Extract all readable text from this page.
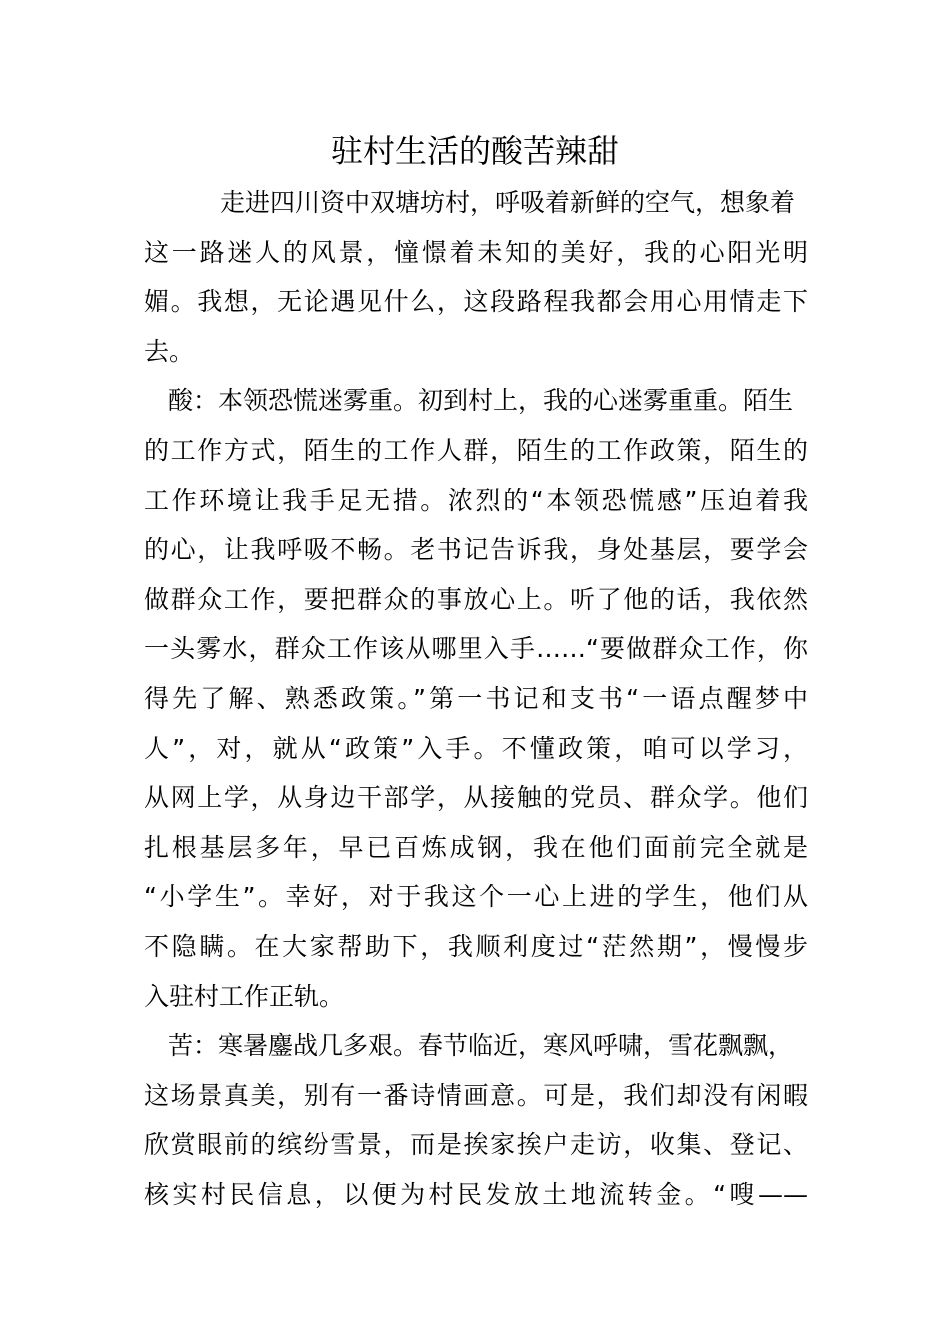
驻村生活的酸苦辣甜
走进四川资中双塘坊村，呼吸着新鲜的空气，想象着
这一路迷人的风景，憧憬着未知的美好，我的心阳光明
媚。我想，无论遇见什么，这段路程我都会用心用情走下
去。
酸：本领恐慌迷雾重。初到村上，我的心迷雾重重。陌生
的工作方式，陌生的工作人群，陌生的工作政策，陌生的
工作环境让我手足无措。浓烈的“本领恐慌感”压迫着我
的心，让我呼吸不畅。老书记告诉我，身处基层，要学会
做群众工作，要把群众的事放心上。听了他的话，我依然
一头雾水，群众工作该从哪里入手……“要做群众工作，你
得先了解、熟悉政策。”第一书记和支书“一语点醒梦中
人”，对，就从“政策”入手。不懂政策，咱可以学习，
从网上学，从身边干部学，从接触的党员、群众学。他们
扎根基层多年，早已百炼成钢，我在他们面前完全就是
“小学生”。幸好，对于我这个一心上进的学生，他们从
不隐瞒。在大家帮助下，我顺利度过“茫然期”，慢慢步
入驻村工作正轨。
苦：寒暑鏖战几多艰。春节临近，寒风呼啸，雪花飘飘，
这场景真美，别有一番诗情画意。可是，我们却没有闲暇
欣赏眼前的缤纷雪景，而是挨家挨户走访，收集、登记、
核实村民信息，以便为村民发放土地流转金。“嗖——
